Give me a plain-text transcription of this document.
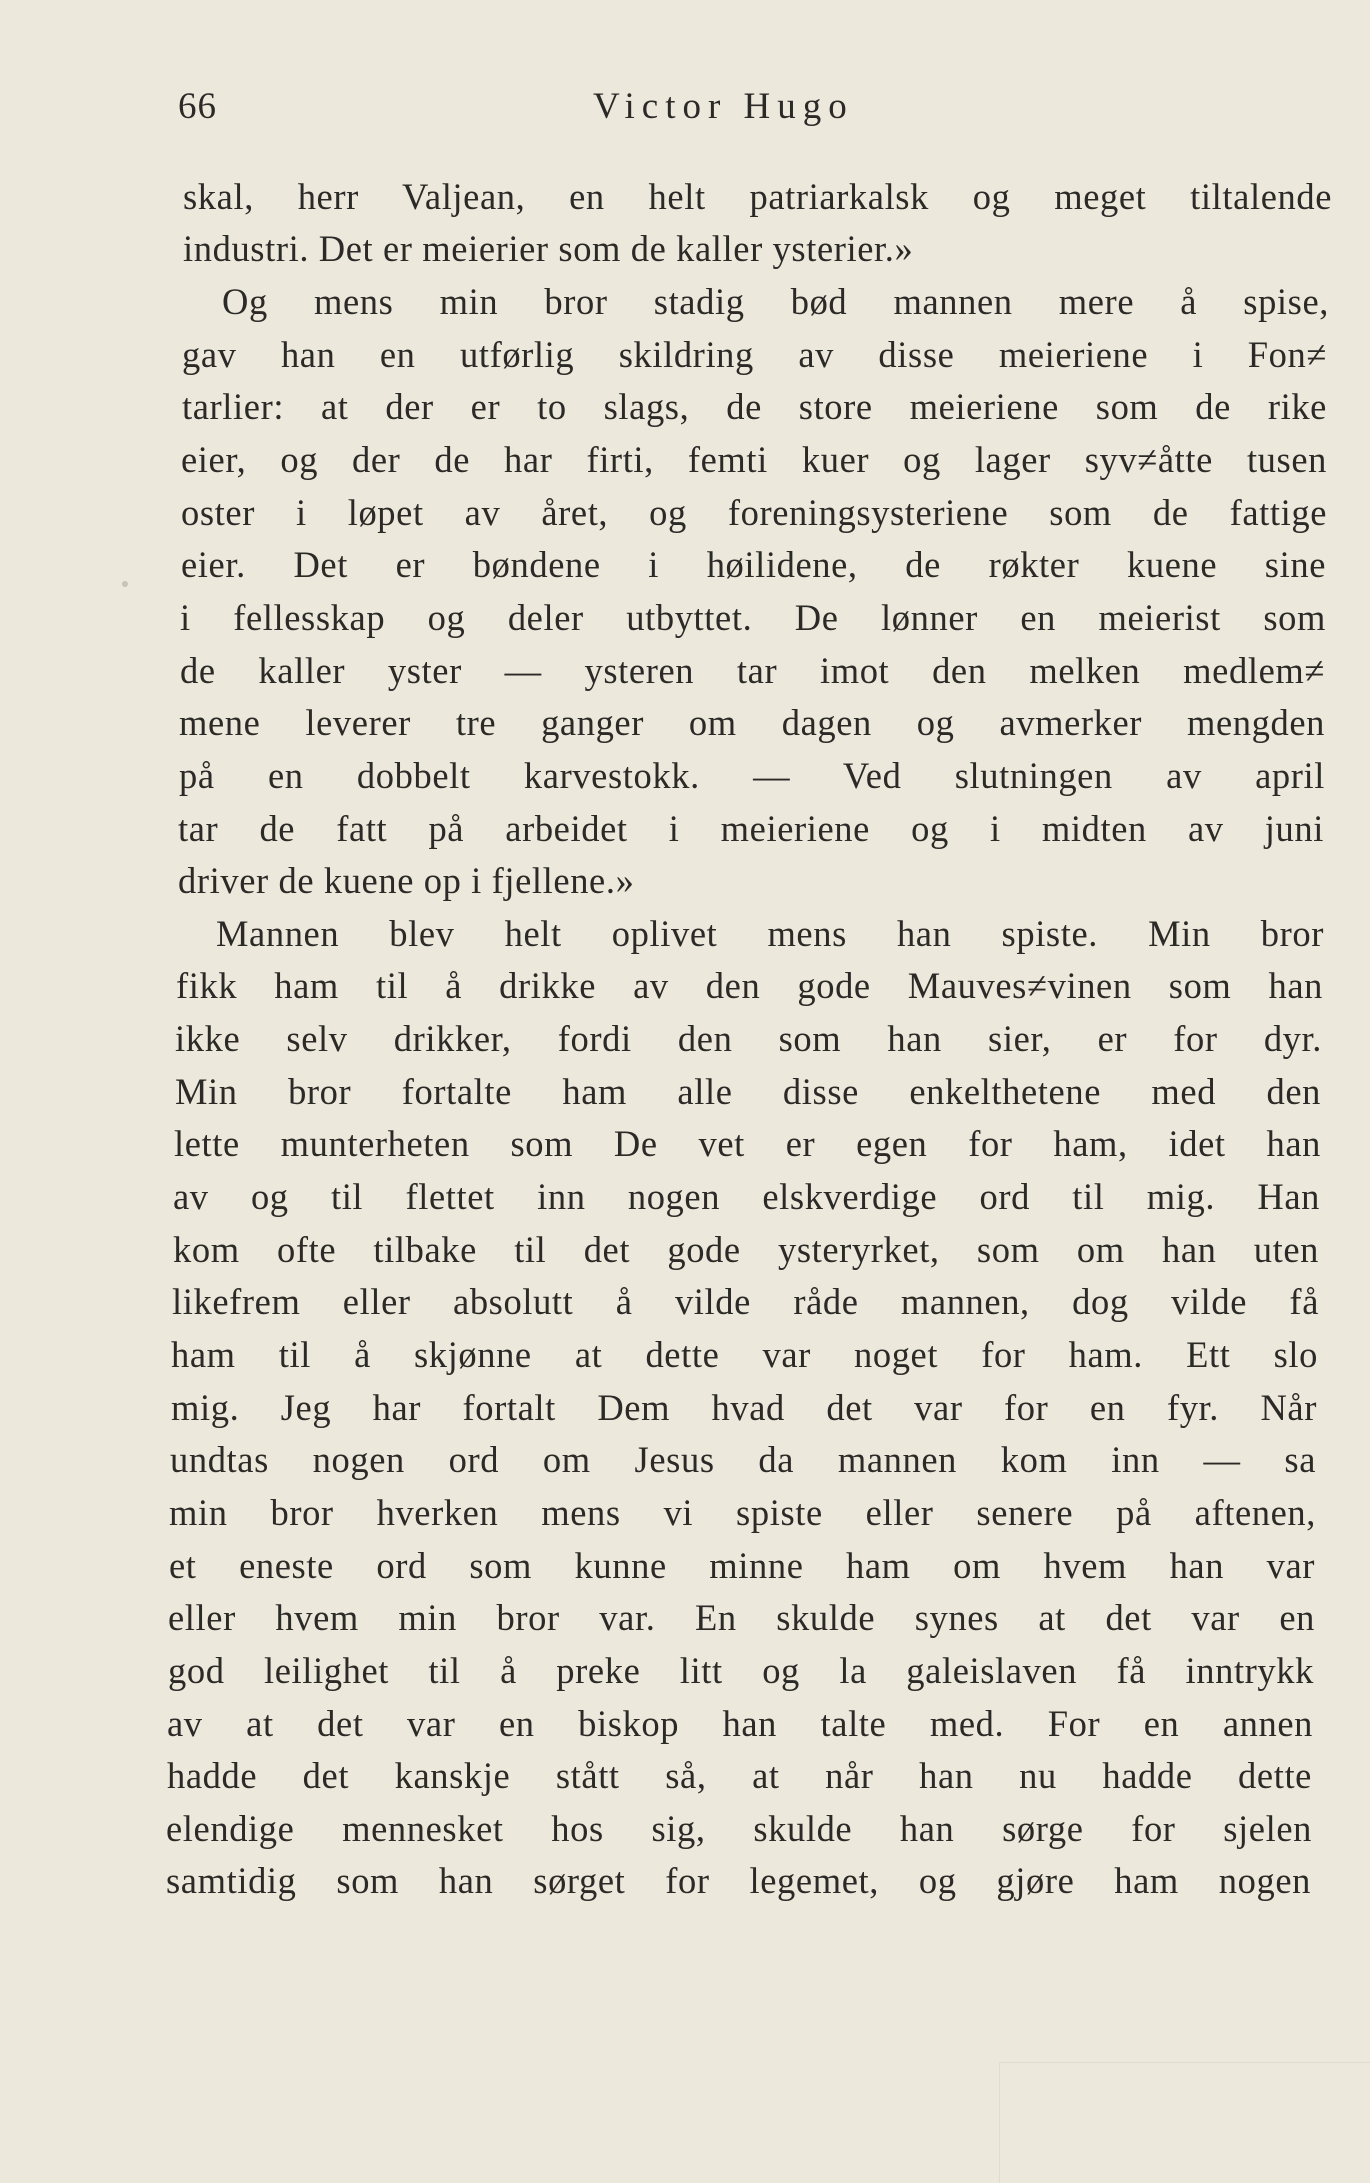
66	Victor Hugo
skal, herr Valjean, en helt patriarkalsk og meget tiltalende
industri. Det er meierier som de kaller ysterier.»
Og mens min bror stadig bød mannen mere å spise,
gav han en utførlig skildring av disse meieriene i Fon≠
tarlier: at der er to slags, de store meieriene som de rike
eier, og der de har firti, femti kuer og lager syv≠åtte tusen
oster i løpet av året, og foreningsysteriene som de fattige
eier. Det er bøndene i høilidene, de røkter kuene sine
i fellesskap og deler utbyttet. De lønner en meierist som
de kaller yster — ysteren tar imot den melken medlem≠
mene leverer tre ganger om dagen og avmerker mengden
på en dobbelt karvestokk. — Ved slutningen av april
tar de fatt på arbeidet i meieriene og i midten av juni
driver de kuene op i fjellene.»
Mannen blev helt oplivet mens han spiste. Min bror
fikk ham til å drikke av den gode Mauves≠vinen som han
ikke selv drikker, fordi den som han sier, er for dyr.
Min bror fortalte ham alle disse enkelthetene med den
lette munterheten som De vet er egen for ham, idet han
av og til flettet inn nogen elskverdige ord til mig. Han
kom ofte tilbake til det gode ysteryrket, som om han uten
likefrem eller absolutt å vilde råde mannen, dog vilde få
ham til å skjønne at dette var noget for ham. Ett slo
mig. Jeg har fortalt Dem hvad det var for en fyr. Når
undtas nogen ord om Jesus da mannen kom inn — sa
min bror hverken mens vi spiste eller senere på aftenen,
et eneste ord som kunne minne ham om hvem han var
eller hvem min bror var. En skulde synes at det var en
god leilighet til å preke litt og la galeislaven få inntrykk
av at det var en biskop han talte med. For en annen
hadde det kanskje stått så, at når han nu hadde dette
elendige mennesket hos sig, skulde han sørge for sjelen
samtidig som han sørget for legemet, og gjøre ham nogen
